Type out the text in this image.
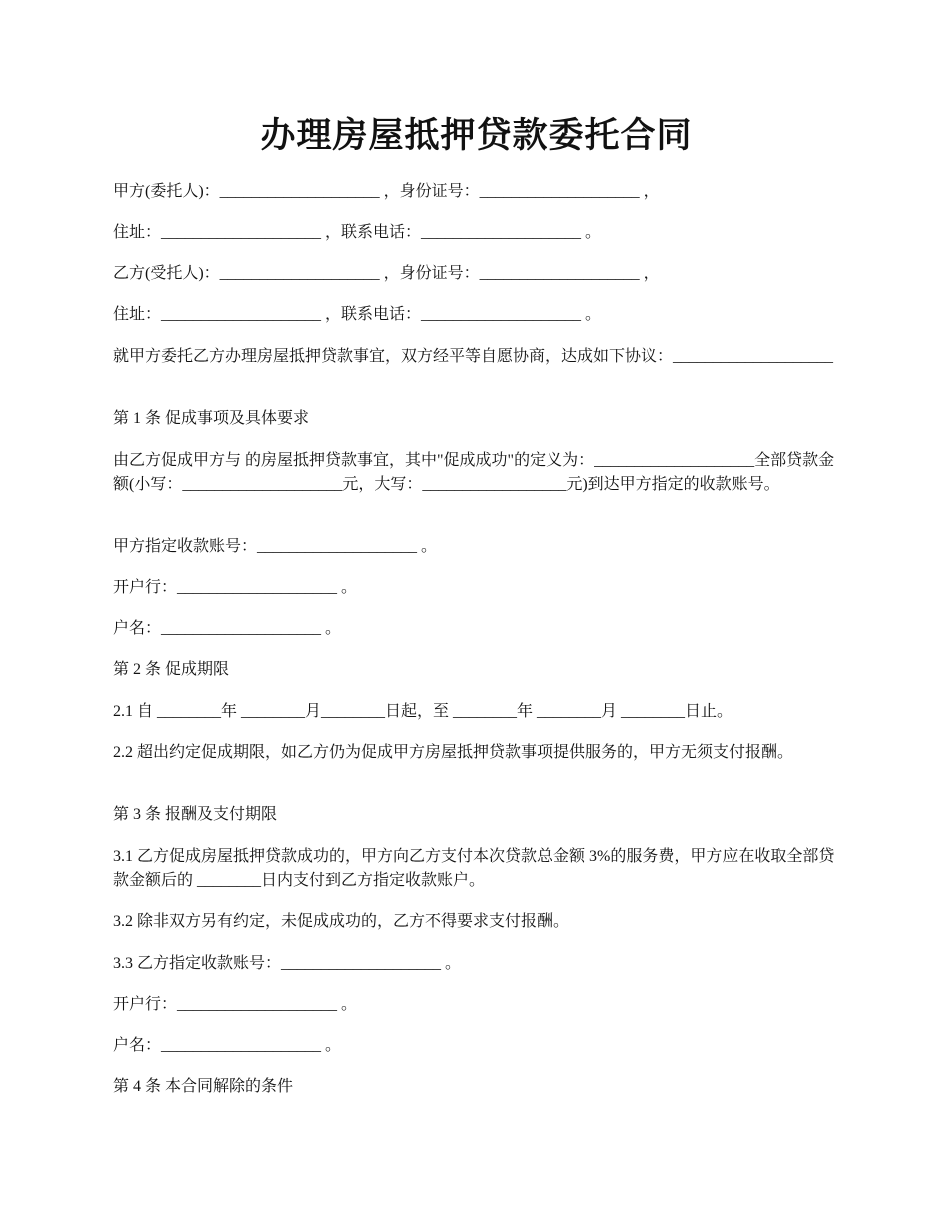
办理房屋抵押贷款委托合同

甲方(委托人)：____________________ ，身份证号：____________________ ，

住址：____________________ ，联系电话：____________________ 。

乙方(受托人)：____________________ ，身份证号：____________________ ，

住址：____________________ ，联系电话：____________________ 。

就甲方委托乙方办理房屋抵押贷款事宜，双方经平等自愿协商，达成如下协议：____________________

第 1 条 促成事项及具体要求

由乙方促成甲方与 的房屋抵押贷款事宜，其中"促成成功"的定义为：____________________全部贷款金额(小写：____________________元，大写：__________________元)到达甲方指定的收款账号。

甲方指定收款账号：____________________ 。

开户行：____________________ 。

户名：____________________ 。

第 2 条 促成期限

2.1 自 ________年 ________月________日起，至 ________年 ________月 ________日止。

2.2 超出约定促成期限，如乙方仍为促成甲方房屋抵押贷款事项提供服务的，甲方无须支付报酬。

第 3 条 报酬及支付期限

3.1 乙方促成房屋抵押贷款成功的，甲方向乙方支付本次贷款总金额 3%的服务费，甲方应在收取全部贷款金额后的 ________日内支付到乙方指定收款账户。

3.2 除非双方另有约定，未促成成功的，乙方不得要求支付报酬。

3.3 乙方指定收款账号：____________________ 。

开户行：____________________ 。

户名：____________________ 。

第 4 条 本合同解除的条件
